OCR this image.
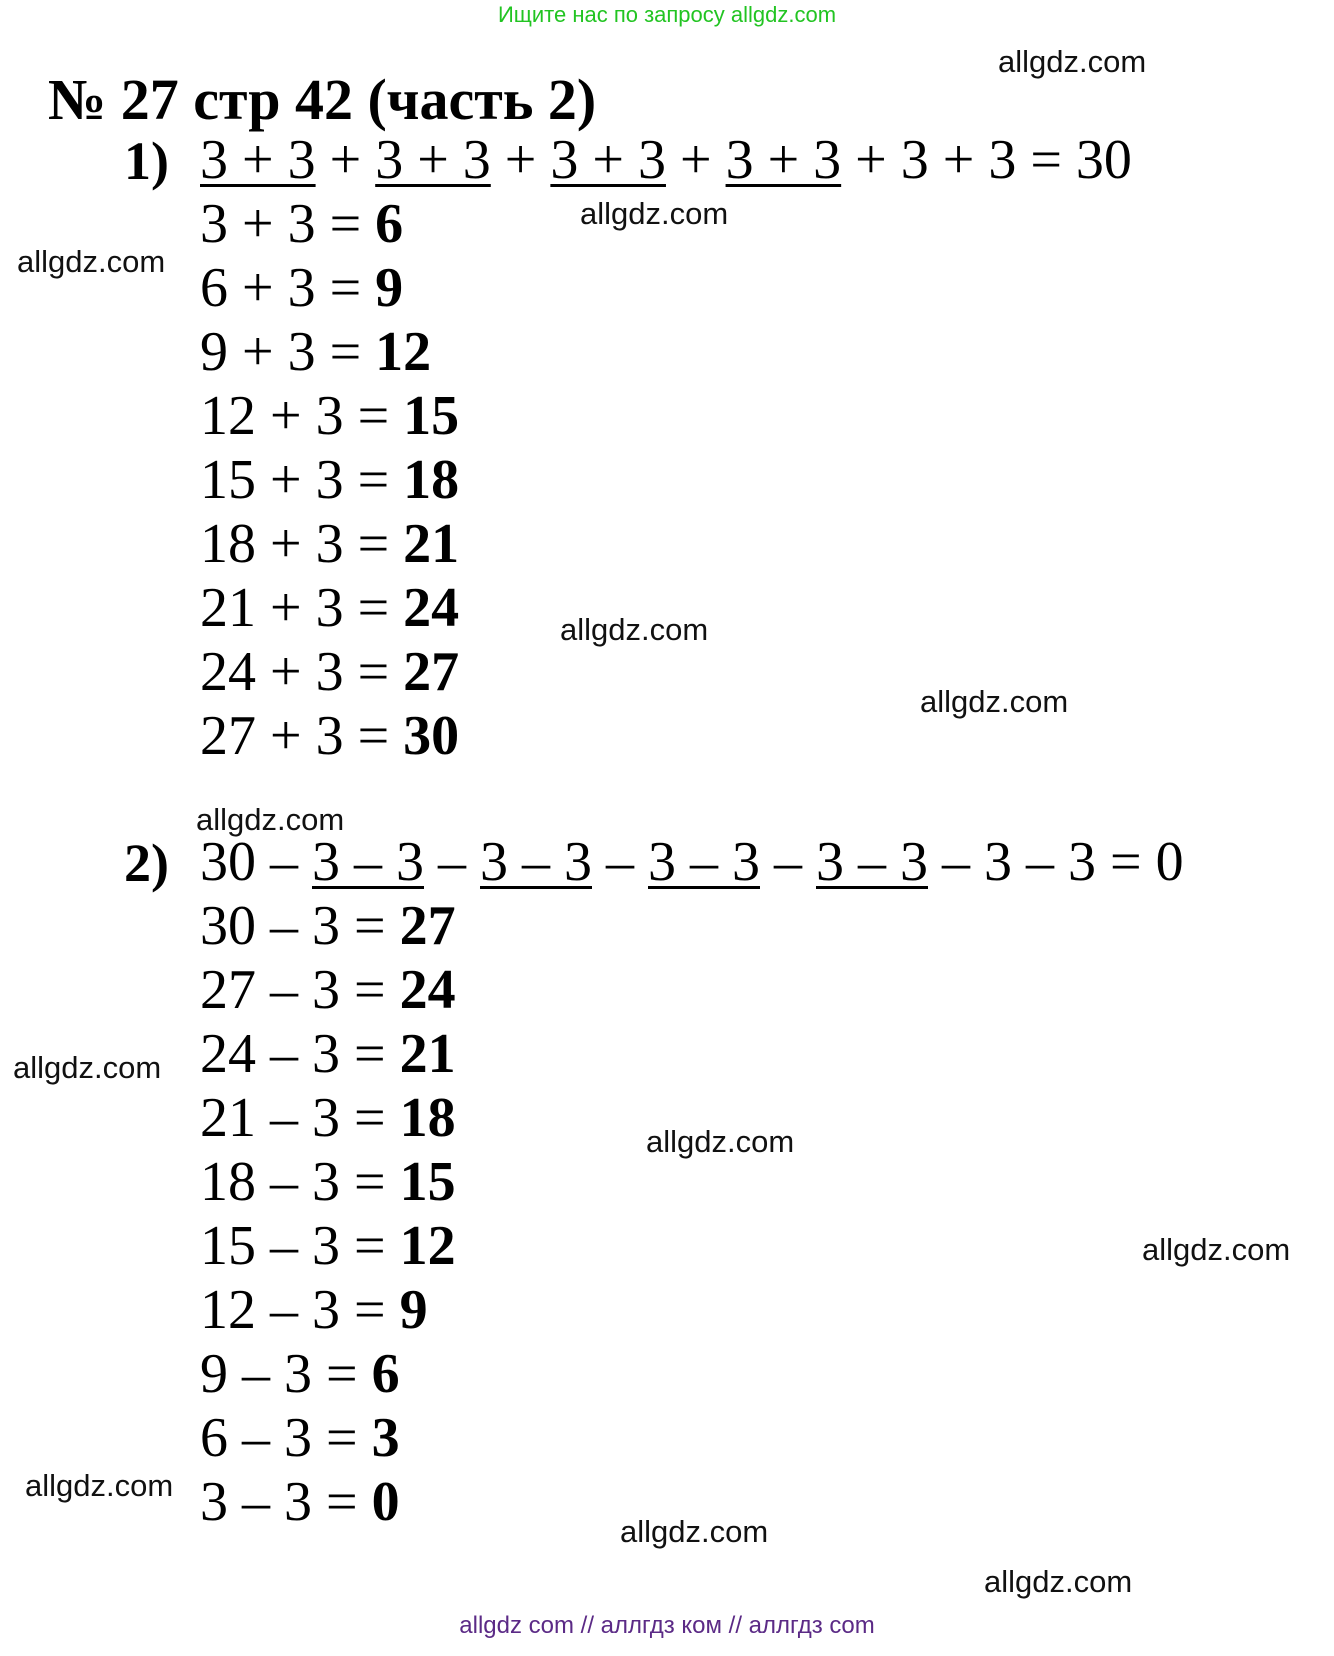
Ищите нас по запросу allgdz.com
№ 27 стр 42 (часть 2)
1) 3 + 3 + 3 + 3 + 3 + 3 + 3 + 3 + 3 + 3 = 30
3 + 3 = 6
6 + 3 = 9
9 + 3 = 12
12 + 3 = 15
15 + 3 = 18
18 + 3 = 21
21 + 3 = 24
24 + 3 = 27
27 + 3 = 30
2) 30 – 3 – 3 – 3 – 3 – 3 – 3 – 3 – 3 – 3 – 3 = 0
30 – 3 = 27
27 – 3 = 24
24 – 3 = 21
21 – 3 = 18
18 – 3 = 15
15 – 3 = 12
12 – 3 = 9
9 – 3 = 6
6 – 3 = 3
3 – 3 = 0
allgdz.com
allgdz.com
allgdz.com
allgdz.com
allgdz.com
allgdz.com
allgdz.com
allgdz.com
allgdz.com
allgdz.com
allgdz.com
allgdz.com
allgdz com // аллгдз ком // аллгдз com
